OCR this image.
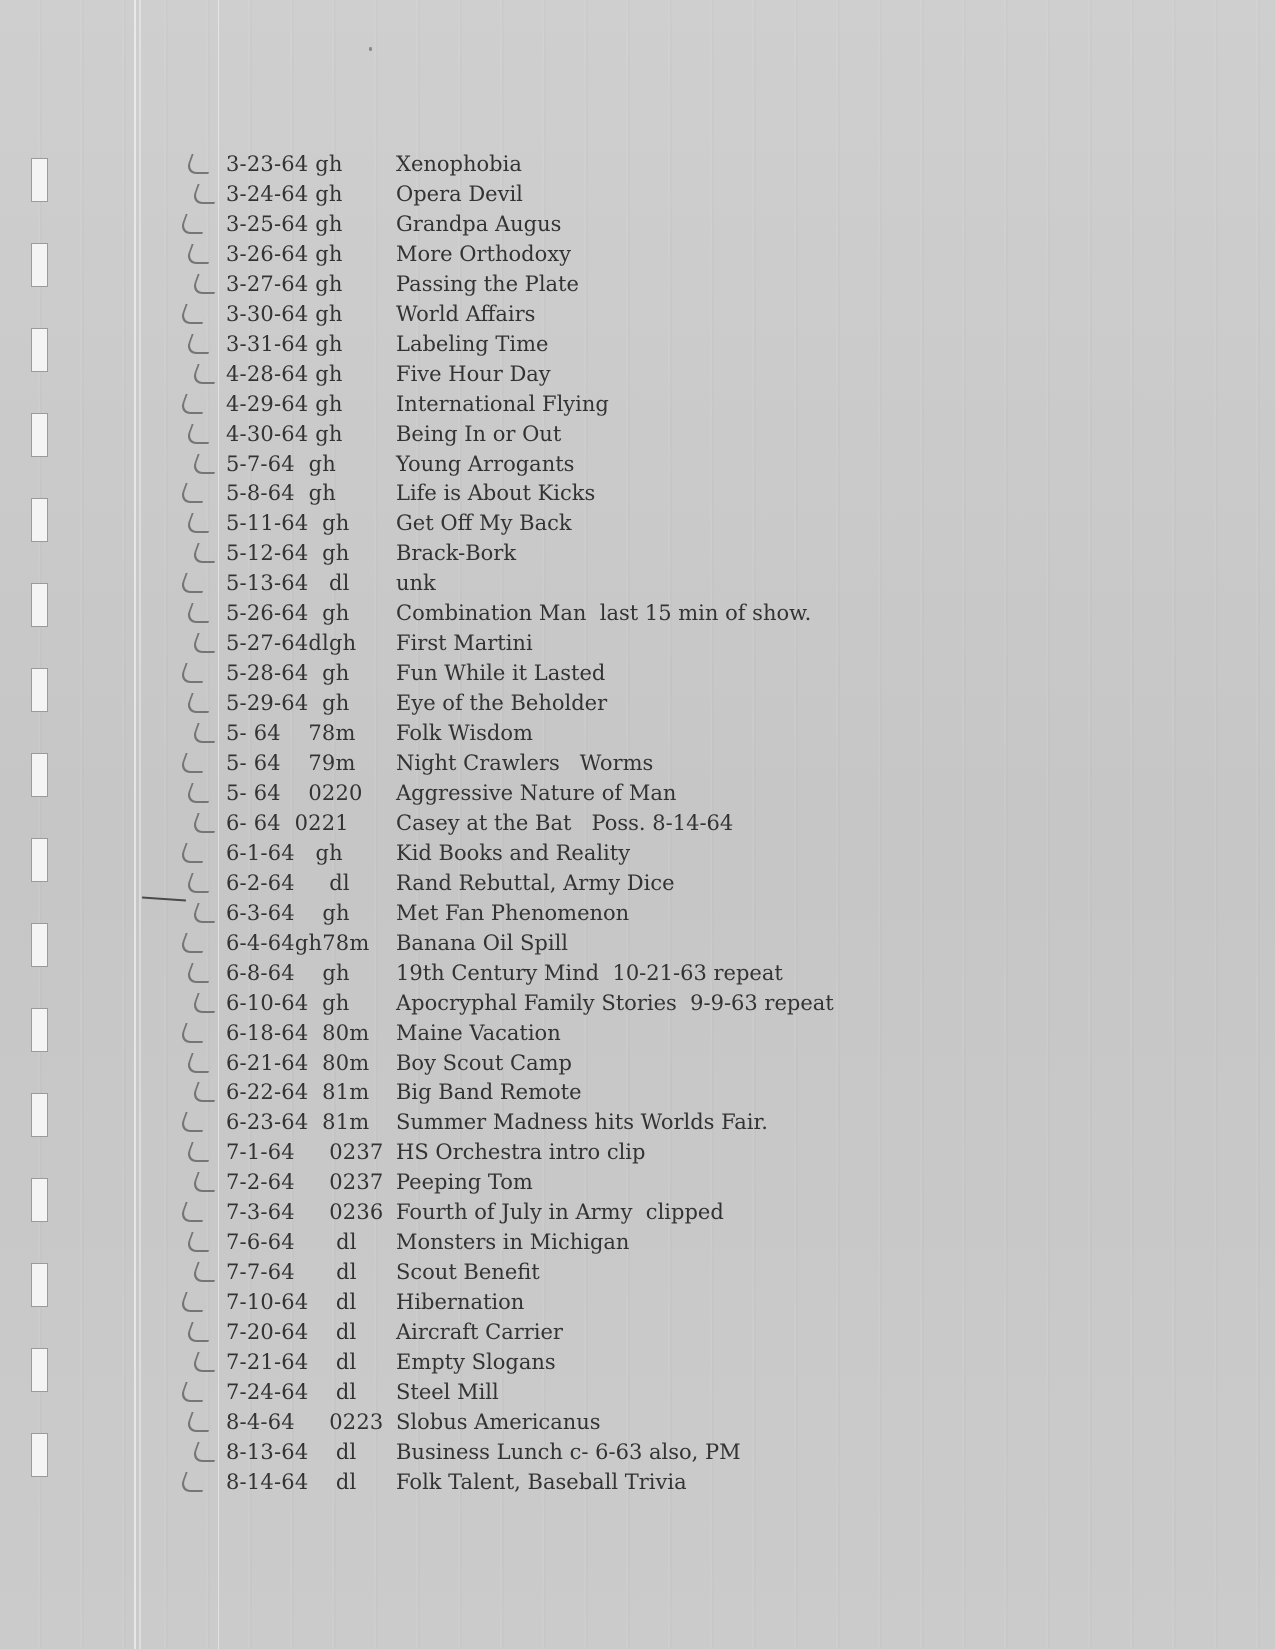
3-23-64 gh	Xenophobia
3-24-64 gh	Opera Devil
3-25-64 gh	Grandpa Augus
3-26-64 gh	More Orthodoxy
3-27-64 gh	Passing the Plate
3-30-64 gh	World Affairs
3-31-64 gh	Labeling Time
4-28-64 gh	Five Hour Day
4-29-64 gh	International Flying
4-30-64 gh	Being In or Out
5-7-64  gh	Young Arrogants
5-8-64  gh	Life is About Kicks
5-11-64  gh	Get Off My Back
5-12-64  gh	Brack-Bork
5-13-64   dl	unk
5-26-64  gh	Combination Man  last 15 min of show.
5-27-64dlgh	First Martini
5-28-64  gh	Fun While it Lasted
5-29-64  gh	Eye of the Beholder
5- 64    78m	Folk Wisdom
5- 64    79m	Night Crawlers   Worms
5- 64    0220	Aggressive Nature of Man
6- 64  0221	Casey at the Bat   Poss. 8-14-64
6-1-64   gh	Kid Books and Reality
6-2-64     dl	Rand Rebuttal, Army Dice
6-3-64    gh	Met Fan Phenomenon
6-4-64gh78m	Banana Oil Spill
6-8-64    gh	19th Century Mind  10-21-63 repeat
6-10-64  gh	Apocryphal Family Stories  9-9-63 repeat
6-18-64  80m	Maine Vacation
6-21-64  80m	Boy Scout Camp
6-22-64  81m	Big Band Remote
6-23-64  81m	Summer Madness hits Worlds Fair.
7-1-64     0237 HS Orchestra intro clip
7-2-64     0237 Peeping Tom
7-3-64     0236 Fourth of July in Army  clipped
7-6-64      dl	Monsters in Michigan
7-7-64      dl	Scout Benefit
7-10-64    dl	Hibernation
7-20-64    dl	Aircraft Carrier
7-21-64    dl	Empty Slogans
7-24-64    dl	Steel Mill
8-4-64     0223 Slobus Americanus
8-13-64    dl	Business Lunch c- 6-63 also, PM
8-14-64    dl	Folk Talent, Baseball Trivia
